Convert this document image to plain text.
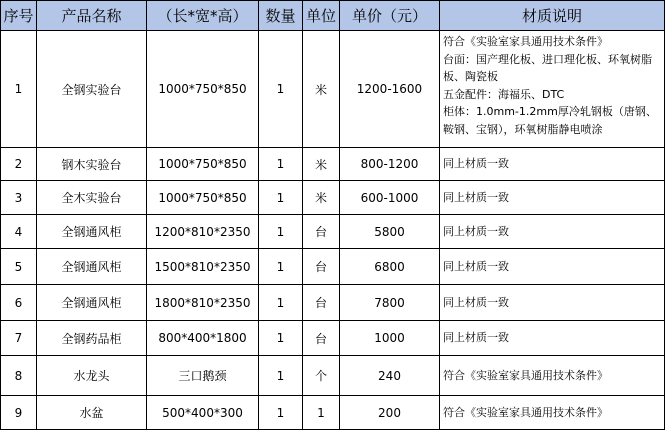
序号	产品名称	（长*宽*高）	数量	单位	单价（元）	材质说明
1	全钢实验台	1000*750*850	1	米	1200-1600	符合《实验室家具通用技术条件》
台面：国产理化板、进口理化板、环氧树脂板、陶瓷板
五金配件：海福乐、DTC
柜体：1.0mm-1.2mm厚冷轧钢板（唐钢、鞍钢、宝钢），环氧树脂静电喷涂

2	钢木实验台	1000*750*850	1	米	800-1200	同上材质一致

3	全木实验台	1000*750*850	1	米	600-1000	同上材质一致

4	全钢通风柜	1200*810*2350	1	台	5800	同上材质一致

5	全钢通风柜	1500*810*2350	1	台	6800	同上材质一致

6	全钢通风柜	1800*810*2350	1	台	7800	同上材质一致

7	全钢药品柜	800*400*1800	1	台	1000	同上材质一致

8	水龙头	三口鹅颈	1	个	240	符合《实验室家具通用技术条件》

9	水盆	500*400*300	1	1	200	符合《实验室家具通用技术条件》
